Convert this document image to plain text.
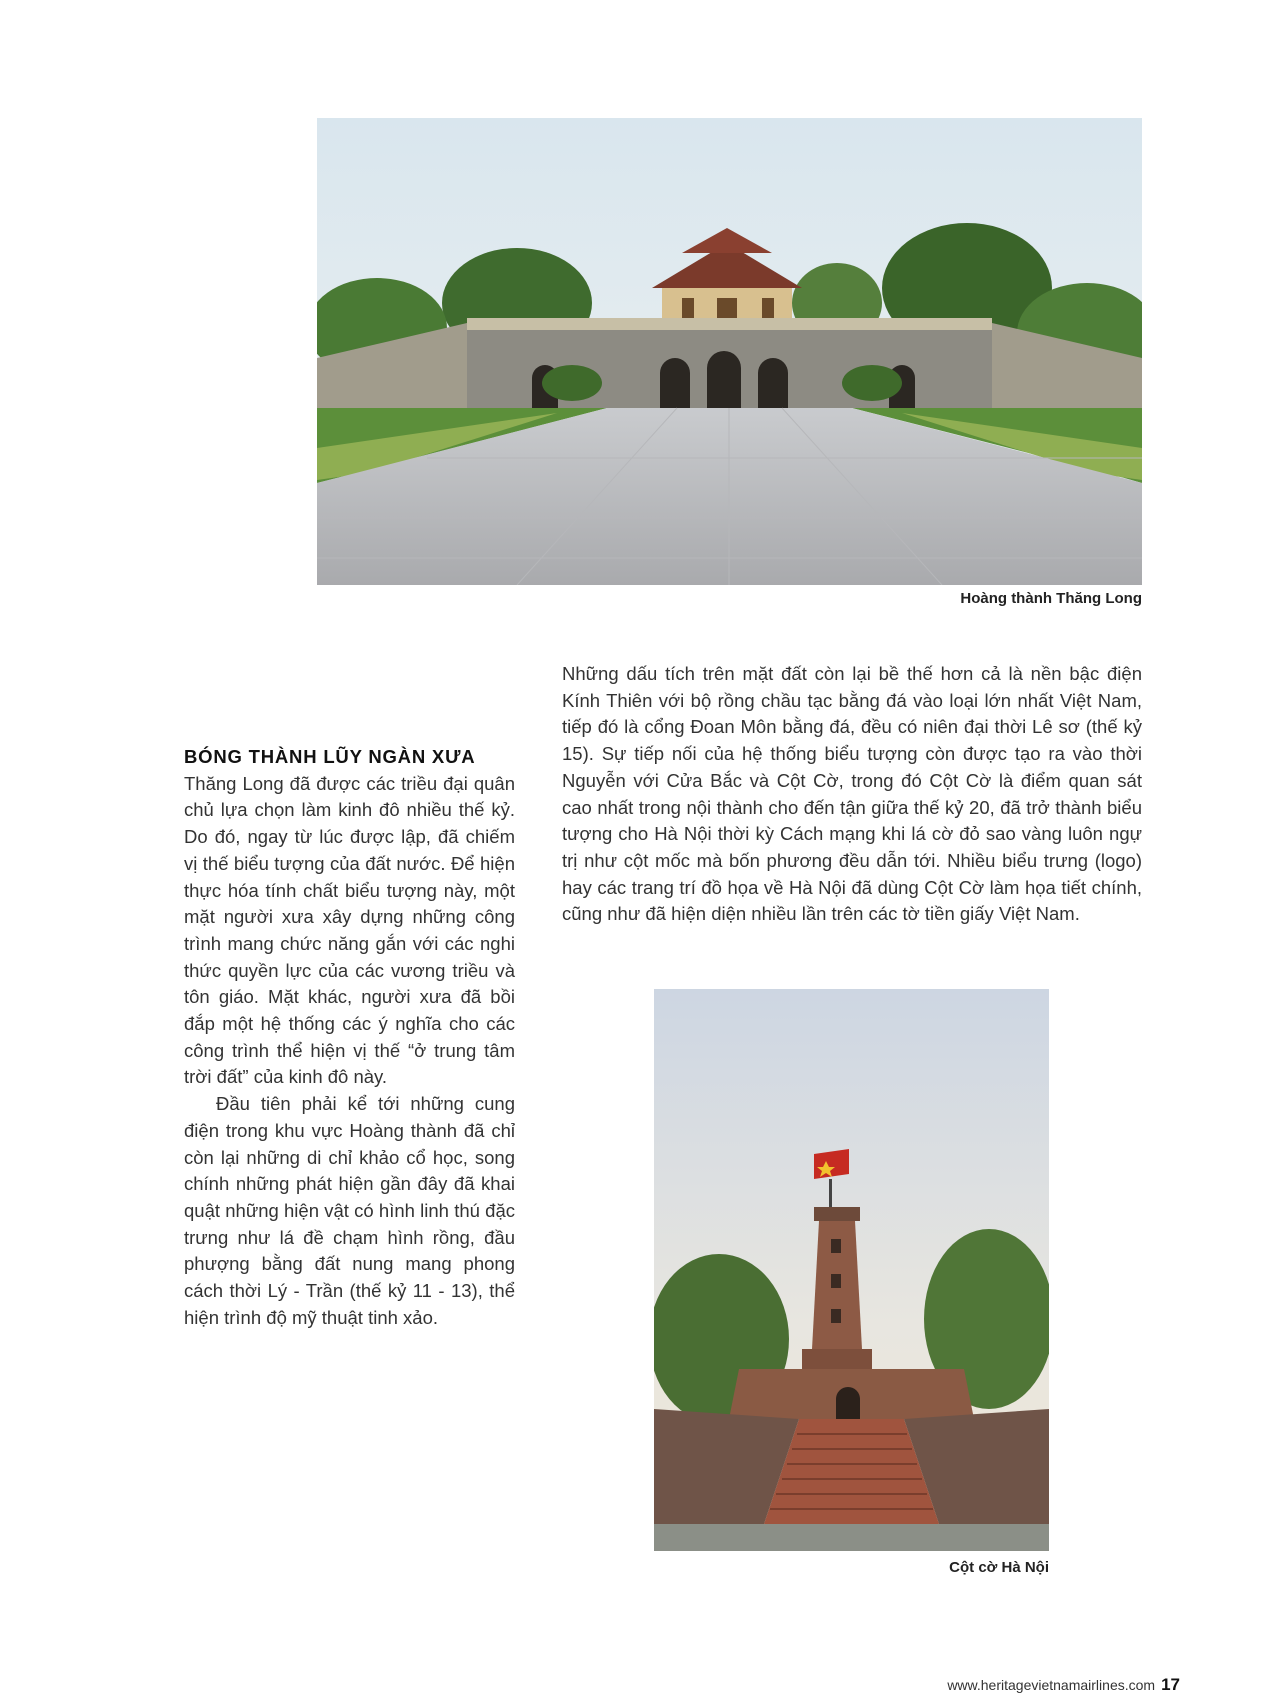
Hoàng thành Thăng Long

BÓNG THÀNH LŨY NGÀN XƯA

Thăng Long đã được các triều đại quân chủ lựa chọn làm kinh đô nhiều thế kỷ. Do đó, ngay từ lúc được lập, đã chiếm vị thế biểu tượng của đất nước. Để hiện thực hóa tính chất biểu tượng này, một mặt người xưa xây dựng những công trình mang chức năng gắn với các nghi thức quyền lực của các vương triều và tôn giáo. Mặt khác, người xưa đã bồi đắp một hệ thống các ý nghĩa cho các công trình thể hiện vị thế “ở trung tâm trời đất” của kinh đô này.

Đầu tiên phải kể tới những cung điện trong khu vực Hoàng thành đã chỉ còn lại những di chỉ khảo cổ học, song chính những phát hiện gần đây đã khai quật những hiện vật có hình linh thú đặc trưng như lá đề chạm hình rồng, đầu phượng bằng đất nung mang phong cách thời Lý - Trần (thế kỷ 11 - 13), thể hiện trình độ mỹ thuật tinh xảo.

Những dấu tích trên mặt đất còn lại bề thế hơn cả là nền bậc điện Kính Thiên với bộ rồng chầu tạc bằng đá vào loại lớn nhất Việt Nam, tiếp đó là cổng Đoan Môn bằng đá, đều có niên đại thời Lê sơ (thế kỷ 15). Sự tiếp nối của hệ thống biểu tượng còn được tạo ra vào thời Nguyễn với Cửa Bắc và Cột Cờ, trong đó Cột Cờ là điểm quan sát cao nhất trong nội thành cho đến tận giữa thế kỷ 20, đã trở thành biểu tượng cho Hà Nội thời kỳ Cách mạng khi lá cờ đỏ sao vàng luôn ngự trị như cột mốc mà bốn phương đều dẫn tới. Nhiều biểu trưng (logo) hay các trang trí đồ họa về Hà Nội đã dùng Cột Cờ làm họa tiết chính, cũng như đã hiện diện nhiều lần trên các tờ tiền giấy Việt Nam.

Cột cờ Hà Nội
www.heritagevietnamairlines.com 17
